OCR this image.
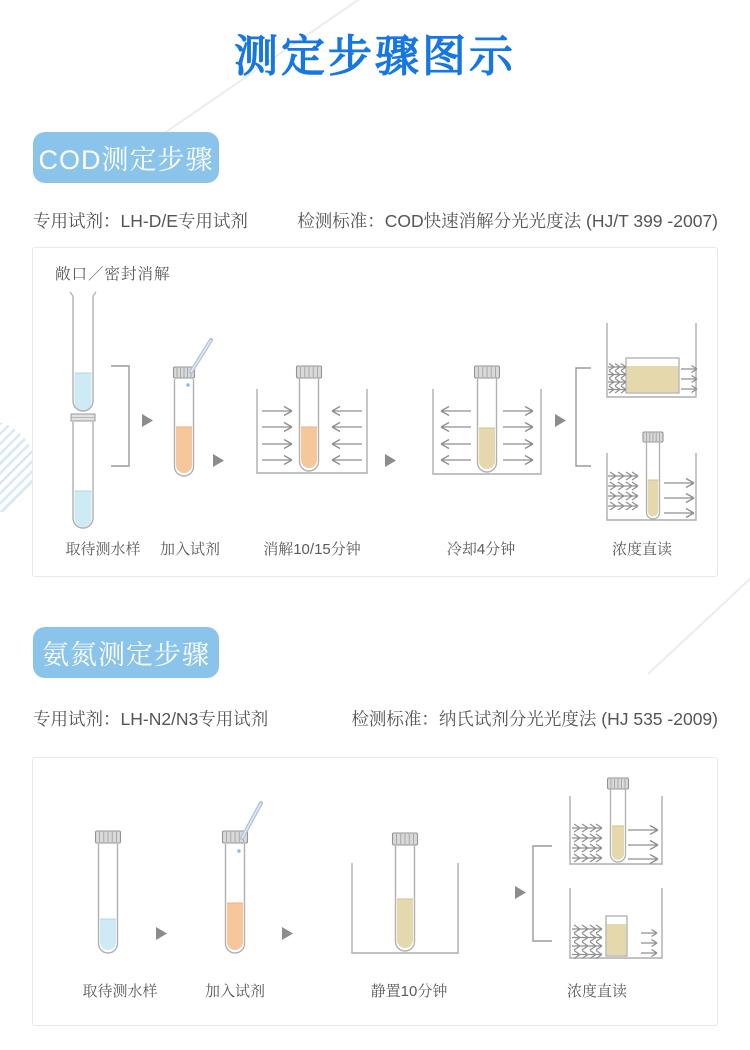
测定步骤图示
COD测定步骤
专用试剂：LH-D/E专用试剂	检测标准：COD快速消解分光光度法 (HJ/T 399 -2007)
敞口／密封消解
取待测水样 加入试剂	消解10/15分钟	冷却4分钟	浓度直读
氨氮测定步骤
专用试剂：LH-N2/N3专用试剂	检测标准：纳氏试剂分光光度法 (HJ 535 -2009)
取待测水样	加入试剂	静置10分钟	浓度直读
